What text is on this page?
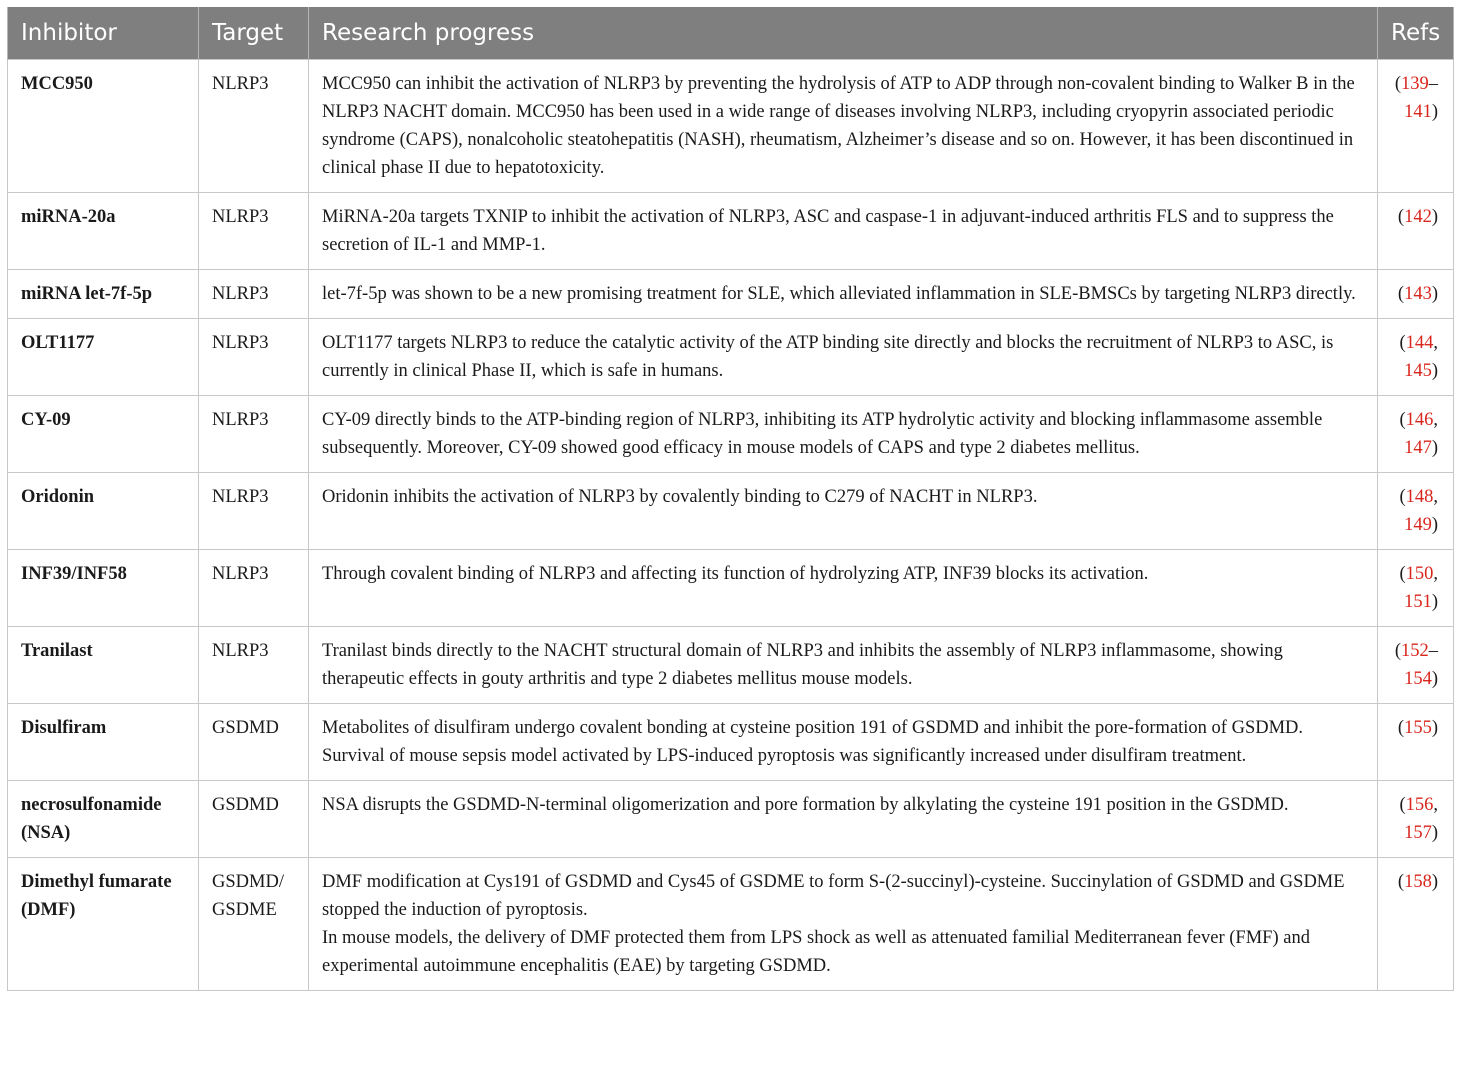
Inhibitor	Target	Research progress	Refs
MCC950	NLRP3	MCC950 can inhibit the activation of NLRP3 by preventing the hydrolysis of ATP to ADP through non-covalent binding to Walker B in the NLRP3 NACHT domain. MCC950 has been used in a wide range of diseases involving NLRP3, including cryopyrin associated periodic syndrome (CAPS), nonalcoholic steatohepatitis (NASH), rheumatism, Alzheimer’s disease and so on. However, it has been discontinued in clinical phase II due to hepatotoxicity.	(139–
141)
miRNA-20a	NLRP3	MiRNA-20a targets TXNIP to inhibit the activation of NLRP3, ASC and caspase-1 in adjuvant-induced arthritis FLS and to suppress the secretion of IL-1 and MMP-1.	(142)
miRNA let-7f-5p	NLRP3	let-7f-5p was shown to be a new promising treatment for SLE, which alleviated inflammation in SLE-BMSCs by targeting NLRP3 directly.	(143)
OLT1177	NLRP3	OLT1177 targets NLRP3 to reduce the catalytic activity of the ATP binding site directly and blocks the recruitment of NLRP3 to ASC, is currently in clinical Phase II, which is safe in humans.	(144,
145)
CY-09	NLRP3	CY-09 directly binds to the ATP-binding region of NLRP3, inhibiting its ATP hydrolytic activity and blocking inflammasome assemble subsequently. Moreover, CY-09 showed good efficacy in mouse models of CAPS and type 2 diabetes mellitus.	(146,
147)
Oridonin	NLRP3	Oridonin inhibits the activation of NLRP3 by covalently binding to C279 of NACHT in NLRP3.	(148,
149)
INF39/INF58	NLRP3	Through covalent binding of NLRP3 and affecting its function of hydrolyzing ATP, INF39 blocks its activation.	(150,
151)
Tranilast	NLRP3	Tranilast binds directly to the NACHT structural domain of NLRP3 and inhibits the assembly of NLRP3 inflammasome, showing therapeutic effects in gouty arthritis and type 2 diabetes mellitus mouse models.	(152–
154)
Disulfiram	GSDMD	Metabolites of disulfiram undergo covalent bonding at cysteine position 191 of GSDMD and inhibit the pore-formation of GSDMD. Survival of mouse sepsis model activated by LPS-induced pyroptosis was significantly increased under disulfiram treatment.	(155)
necrosulfonamide (NSA)	GSDMD	NSA disrupts the GSDMD-N-terminal oligomerization and pore formation by alkylating the cysteine 191 position in the GSDMD.	(156,
157)
Dimethyl fumarate (DMF)	GSDMD/ GSDME	DMF modification at Cys191 of GSDMD and Cys45 of GSDME to form S-(2-succinyl)-cysteine. Succinylation of GSDMD and GSDME stopped the induction of pyroptosis.
In mouse models, the delivery of DMF protected them from LPS shock as well as attenuated familial Mediterranean fever (FMF) and experimental autoimmune encephalitis (EAE) by targeting GSDMD.	(158)
